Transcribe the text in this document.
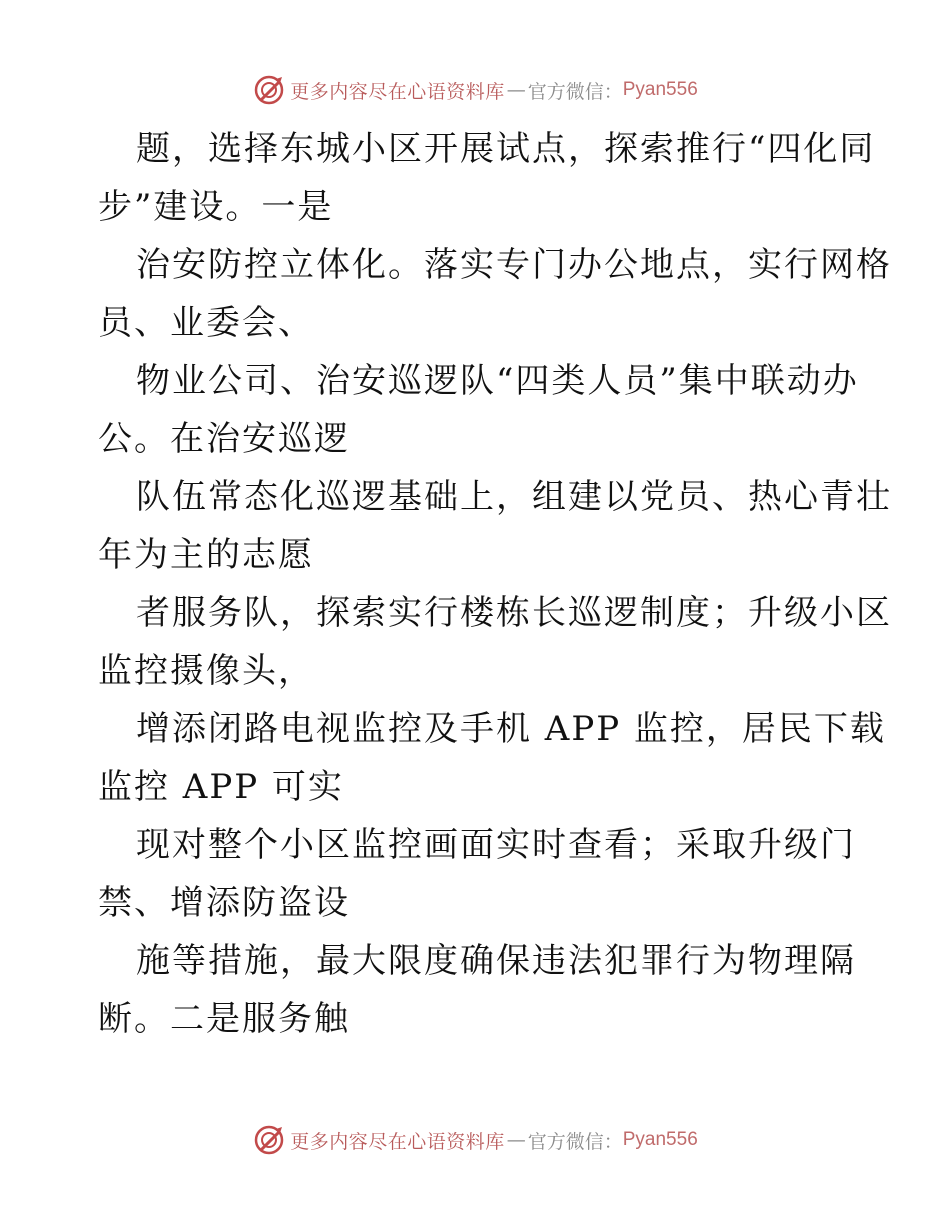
更多内容尽在心语资料库 — 官方微信： Pyan556
题，选择东城小区开展试点，探索推行“四化同
步”建设。一是
治安防控立体化。落实专门办公地点，实行网格
员、业委会、
物业公司、治安巡逻队“四类人员”集中联动办
公。在治安巡逻
队伍常态化巡逻基础上，组建以党员、热心青壮
年为主的志愿
者服务队，探索实行楼栋长巡逻制度；升级小区
监控摄像头，
增添闭路电视监控及手机 APP 监控，居民下载
监控 APP 可实
现对整个小区监控画面实时查看；采取升级门
禁、增添防盗设
施等措施，最大限度确保违法犯罪行为物理隔
断。二是服务触
更多内容尽在心语资料库 — 官方微信： Pyan556
